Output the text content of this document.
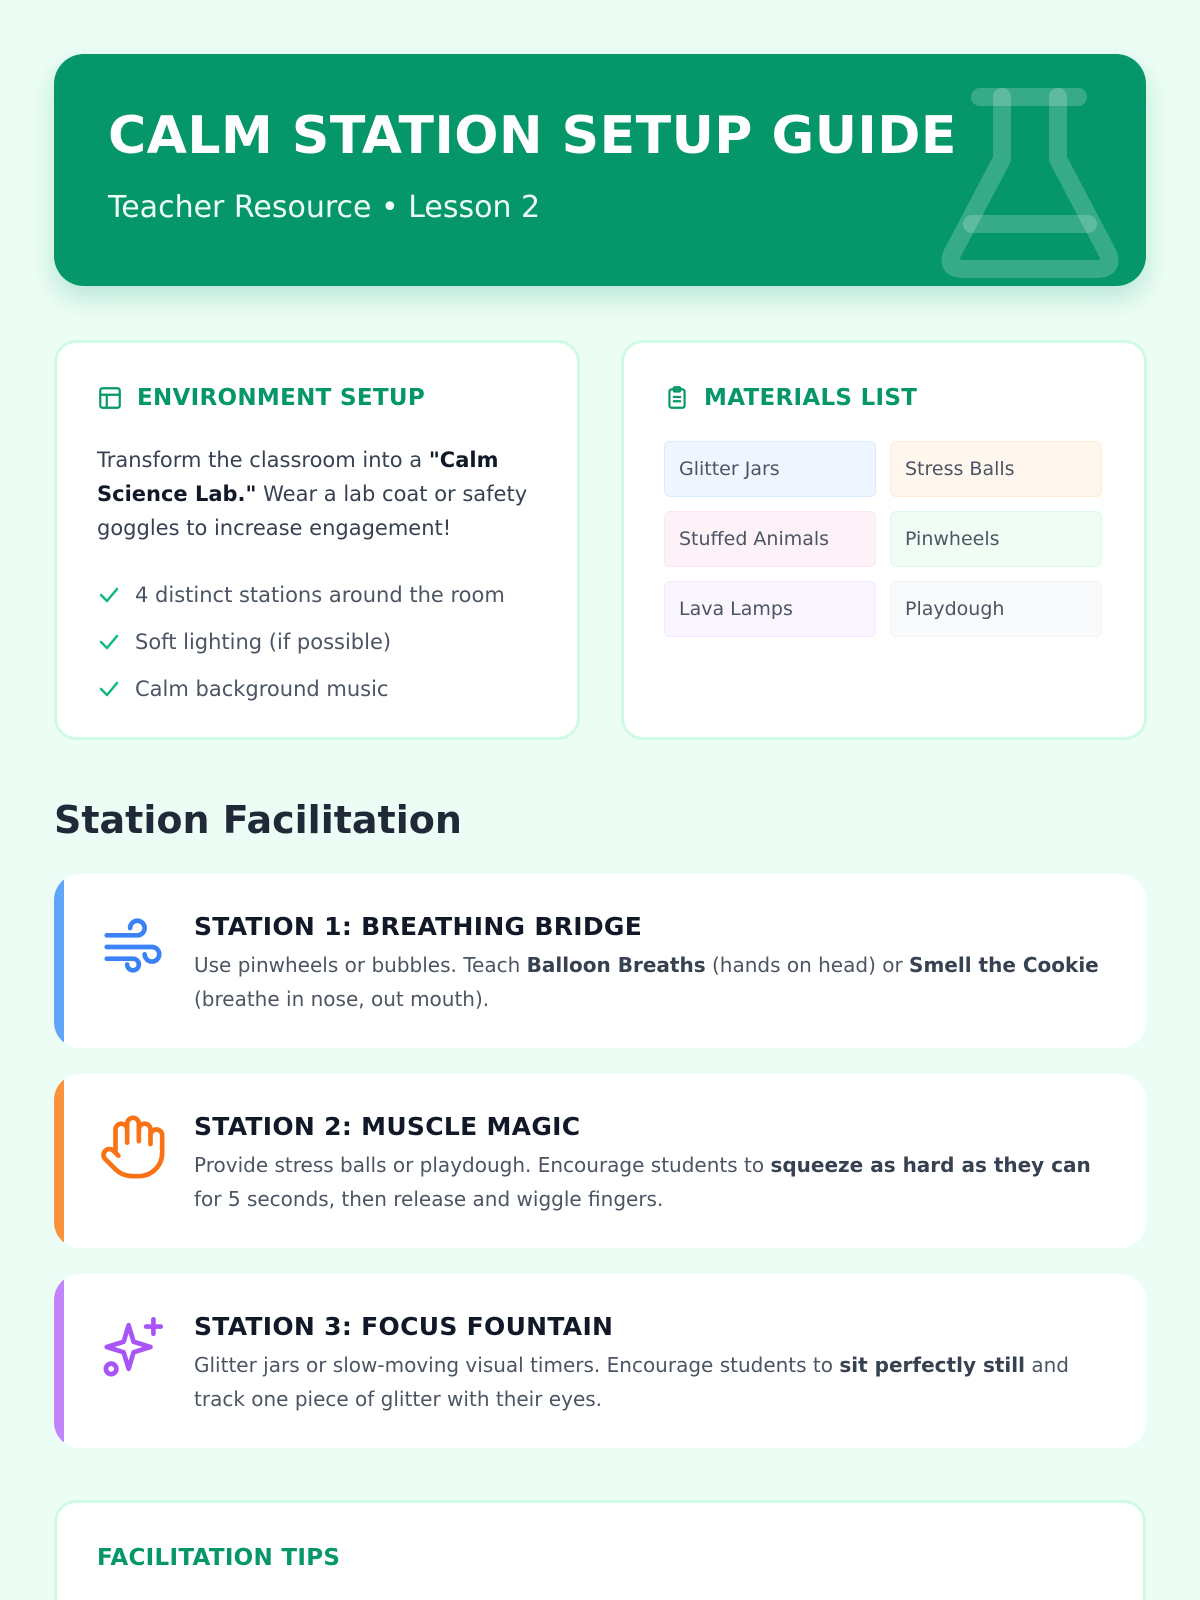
CALM STATION SETUP GUIDE
Teacher Resource • Lesson 2
ENVIRONMENT SETUP

Transform the classroom into a "Calm Science Lab." Wear a lab coat or safety goggles to increase engagement!

4 distinct stations around the room
Soft lighting (if possible)
Calm background music
MATERIALS LIST
Glitter Jars	Stress Balls
Stuffed Animals	Pinwheels
Lava Lamps	Playdough
Station Facilitation
STATION 1: BREATHING BRIDGE

Use pinwheels or bubbles. Teach Balloon Breaths (hands on head) or Smell the Cookie (breathe in nose, out mouth).

STATION 2: MUSCLE MAGIC

Provide stress balls or playdough. Encourage students to squeeze as hard as they can for 5 seconds, then release and wiggle fingers.

STATION 3: FOCUS FOUNTAIN

Glitter jars or slow-moving visual timers. Encourage students to sit perfectly still and track one piece of glitter with their eyes.

FACILITATION TIPS
